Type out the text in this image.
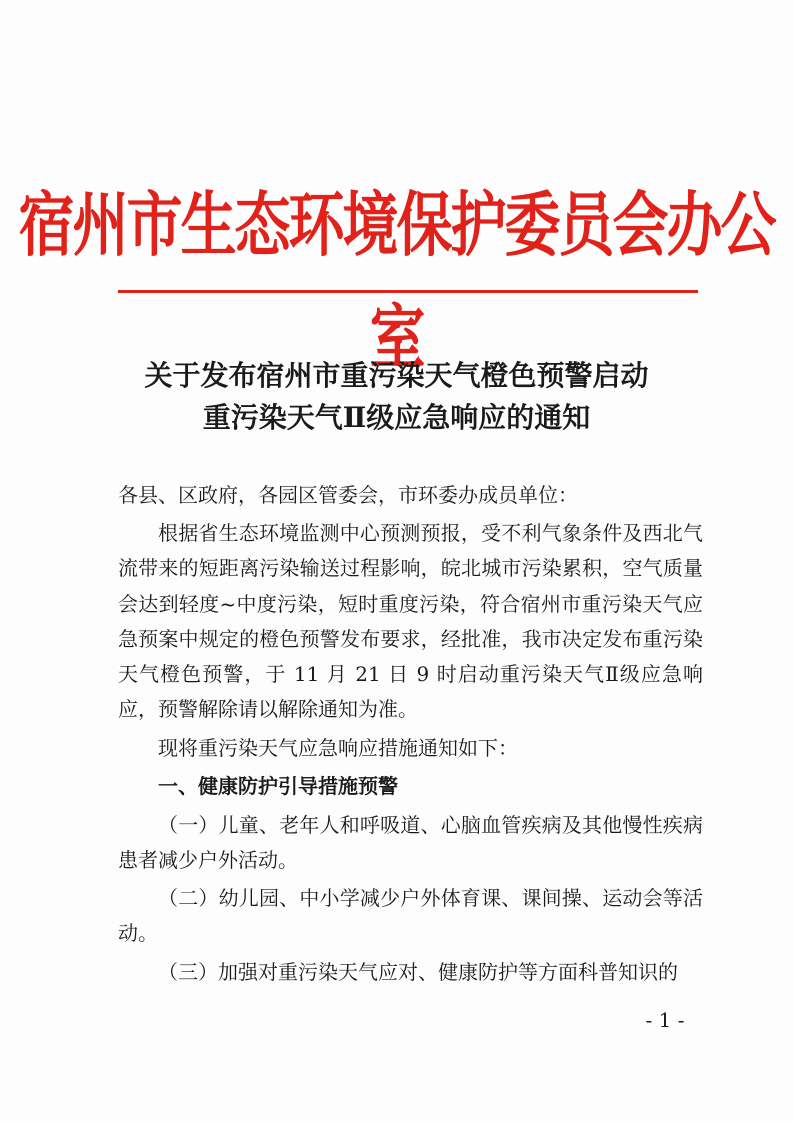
宿州市生态环境保护委员会办公室
关于发布宿州市重污染天气橙色预警启动
重污染天气Ⅱ级应急响应的通知

各县、区政府，各园区管委会，市环委办成员单位：

根据省生态环境监测中心预测预报，受不利气象条件及西北气流带来的短距离污染输送过程影响，皖北城市污染累积，空气质量会达到轻度~中度污染，短时重度污染，符合宿州市重污染天气应急预案中规定的橙色预警发布要求，经批准，我市决定发布重污染天气橙色预警，于 11 月 21 日 9 时启动重污染天气Ⅱ级应急响应，预警解除请以解除通知为准。

现将重污染天气应急响应措施通知如下：

一、健康防护引导措施预警

（一）儿童、老年人和呼吸道、心脑血管疾病及其他慢性疾病患者减少户外活动。

（二）幼儿园、中小学减少户外体育课、课间操、运动会等活动。

（三）加强对重污染天气应对、健康防护等方面科普知识的

- 1 -
